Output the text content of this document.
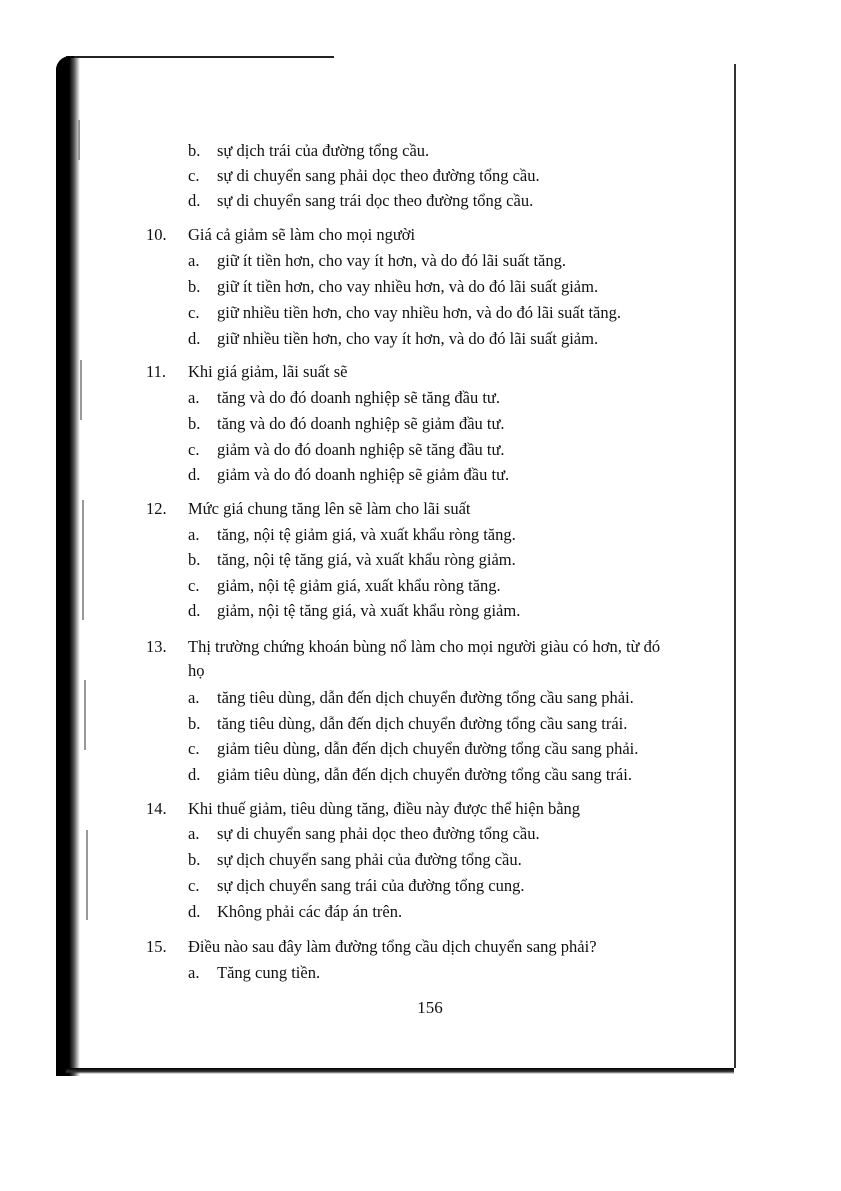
b. sự dịch trái của đường tổng cầu.
c. sự di chuyển sang phải dọc theo đường tổng cầu.
d. sự di chuyển sang trái dọc theo đường tổng cầu.
10.	Giá cả giảm sẽ làm cho mọi người
a. giữ ít tiền hơn, cho vay ít hơn, và do đó lãi suất tăng.
b. giữ ít tiền hơn, cho vay nhiều hơn, và do đó lãi suất giảm.
c. giữ nhiều tiền hơn, cho vay nhiều hơn, và do đó lãi suất tăng.
d. giữ nhiều tiền hơn, cho vay ít hơn, và do đó lãi suất giảm.
11.	Khi giá giảm, lãi suất sẽ
a. tăng và do đó doanh nghiệp sẽ tăng đầu tư.
b. tăng và do đó doanh nghiệp sẽ giảm đầu tư.
c. giảm và do đó doanh nghiệp sẽ tăng đầu tư.
d. giảm và do đó doanh nghiệp sẽ giảm đầu tư.
12.	Mức giá chung tăng lên sẽ làm cho lãi suất
a. tăng, nội tệ giảm giá, và xuất khẩu ròng tăng.
b. tăng, nội tệ tăng giá, và xuất khẩu ròng giảm.
c. giảm, nội tệ giảm giá, xuất khẩu ròng tăng.
d. giảm, nội tệ tăng giá, và xuất khẩu ròng giảm.
13.	Thị trường chứng khoán bùng nổ làm cho mọi người giàu có hơn, từ đó
họ
a. tăng tiêu dùng, dẫn đến dịch chuyển đường tổng cầu sang phải.
b. tăng tiêu dùng, dẫn đến dịch chuyển đường tổng cầu sang trái.
c. giảm tiêu dùng, dẫn đến dịch chuyển đường tổng cầu sang phải.
d. giảm tiêu dùng, dẫn đến dịch chuyển đường tổng cầu sang trái.
14.	Khi thuế giảm, tiêu dùng tăng, điều này được thể hiện bằng
a. sự di chuyển sang phải dọc theo đường tổng cầu.
b. sự dịch chuyển sang phải của đường tổng cầu.
c. sự dịch chuyển sang trái của đường tổng cung.
d. Không phải các đáp án trên.
15.	Điều nào sau đây làm đường tổng cầu dịch chuyển sang phải?
a. Tăng cung tiền.
156
